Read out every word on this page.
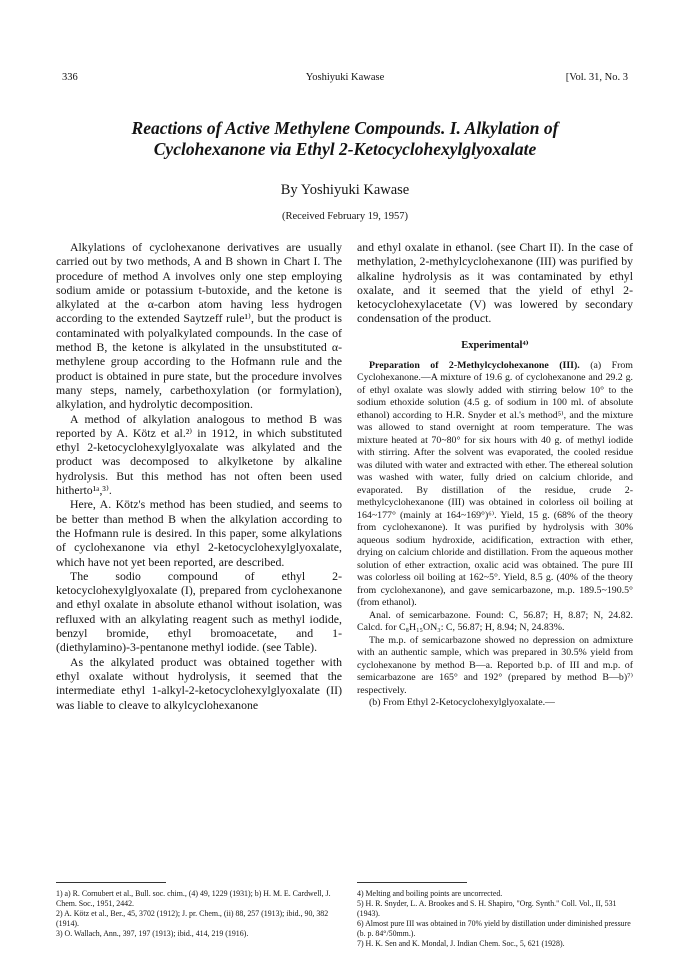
336	Yoshiyuki Kawase	[Vol. 31, No. 3

Reactions of Active Methylene Compounds. I. Alkylation of

Cyclohexanone via Ethyl 2-Ketocyclohexylglyoxalate

By Yoshiyuki Kawase
(Received February 19, 1957)

Alkylations of cyclohexanone derivatives are usually carried out by two methods, A and B shown in Chart I. The procedure of method A involves only one step employing sodium amide or potassium t-butoxide, and the ketone is alkylated at the α-carbon atom having less hydrogen according to the extended Saytzeff rule¹⁾, but the product is contaminated with polyalkylated compounds. In the case of method B, the ketone is alkylated in the unsubstituted α-methylene group according to the Hofmann rule and the product is obtained in pure state, but the procedure involves many steps, namely, carbethoxylation (or formylation), alkylation, and hydrolytic decomposition.

A method of alkylation analogous to method B was reported by A. Kötz et al.²⁾ in 1912, in which substituted ethyl 2-ketocyclohexylglyoxalate was alkylated and the product was decomposed to alkylketone by alkaline hydrolysis. But this method has not often been used hitherto¹ᵃ,³⁾.

Here, A. Kötz's method has been studied, and seems to be better than method B when the alkylation according to the Hofmann rule is desired. In this paper, some alkylations of cyclohexanone via ethyl 2-ketocyclohexylglyoxalate, which have not yet been reported, are described.

The sodio compound of ethyl 2-ketocyclohexylglyoxalate (I), prepared from cyclohexanone and ethyl oxalate in absolute ethanol without isolation, was refluxed with an alkylating reagent such as methyl iodide, benzyl bromide, ethyl bromoacetate, and 1-(diethylamino)-3-pentanone methyl iodide. (see Table).

As the alkylated product was obtained together with ethyl oxalate without hydrolysis, it seemed that the intermediate ethyl 1-alkyl-2-ketocyclohexylglyoxalate (II) was liable to cleave to alkylcyclohexanone

and ethyl oxalate in ethanol. (see Chart II). In the case of methylation, 2-methylcyclohexanone (III) was purified by alkaline hydrolysis as it was contaminated by ethyl oxalate, and it seemed that the yield of ethyl 2-ketocyclohexylacetate (V) was lowered by secondary condensation of the product.

Experimental⁴⁾

Preparation of 2-Methylcyclohexanone (III). (a) From Cyclohexanone.—A mixture of 19.6 g. of cyclohexanone and 29.2 g. of ethyl oxalate was slowly added with stirring below 10° to the sodium ethoxide solution (4.5 g. of sodium in 100 ml. of absolute ethanol) according to H.R. Snyder et al.'s method⁵⁾, and the mixture was allowed to stand overnight at room temperature. The was mixture heated at 70~80° for six hours with 40 g. of methyl iodide with stirring. After the solvent was evaporated, the cooled residue was diluted with water and extracted with ether. The ethereal solution was washed with water, fully dried on calcium chloride, and evaporated. By distillation of the residue, crude 2-methylcyclohexanone (III) was obtained in colorless oil boiling at 164~177° (mainly at 164~169°)⁶⁾. Yield, 15 g. (68% of the theory from cyclohexanone). It was purified by hydrolysis with 30% aqueous sodium hydroxide, acidification, extraction with ether, drying on calcium chloride and distillation. From the aqueous mother solution of ether extraction, oxalic acid was obtained. The pure III was colorless oil boiling at 162~5°. Yield, 8.5 g. (40% of the theory from cyclohexanone), and gave semicarbazone, m.p. 189.5~190.5° (from ethanol).

Anal. of semicarbazone. Found: C, 56.87; H, 8.87; N, 24.82. Calcd. for C₈H₁₅ON₃: C, 56.87; H, 8.94; N, 24.83%.

The m.p. of semicarbazone showed no depression on admixture with an authentic sample, which was prepared in 30.5% yield from cyclohexanone by method B—a. Reported b.p. of III and m.p. of semicarbazone are 165° and 192° (prepared by method B—b)⁷⁾ respectively.

(b) From Ethyl 2-Ketocyclohexylglyoxalate.—

1) a) R. Cornubert et al., Bull. soc. chim., (4) 49, 1229 (1931); b) H. M. E. Cardwell, J. Chem. Soc., 1951, 2442.

2) A. Kötz et al., Ber., 45, 3702 (1912); J. pr. Chem., (ii) 88, 257 (1913); ibid., 90, 382 (1914).

3) O. Wallach, Ann., 397, 197 (1913); ibid., 414, 219 (1916).

4) Melting and boiling points are uncorrected.

5) H. R. Snyder, L. A. Brookes and S. H. Shapiro, "Org. Synth." Coll. Vol., II, 531 (1943).

6) Almost pure III was obtained in 70% yield by distillation under diminished pressure (b. p. 84°/50mm.).

7) H. K. Sen and K. Mondal, J. Indian Chem. Soc., 5, 621 (1928).
